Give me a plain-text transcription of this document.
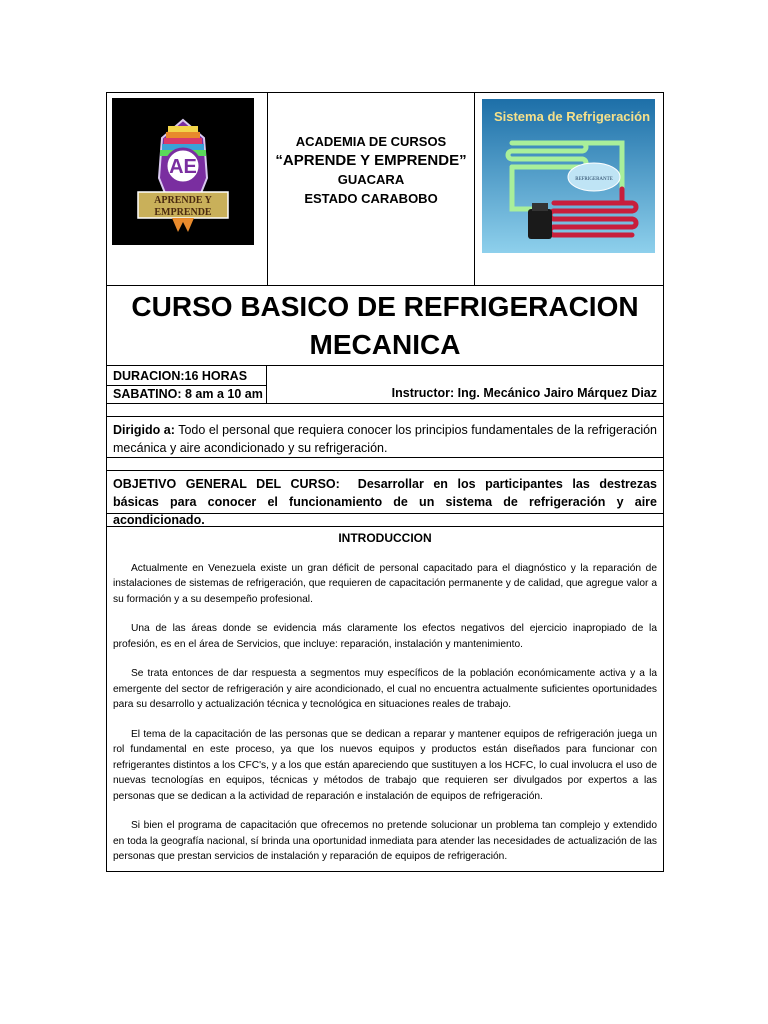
AE
APRENDE Y
EMPRENDE
ACADEMIA DE CURSOS
“APRENDE Y EMPRENDE”
GUACARA
ESTADO CARABOBO
Sistema de Refrigeración
REFRIGERANTE
CURSO BASICO DE REFRIGERACION
MECANICA
DURACION:16 HORAS
SABATINO: 8 am a 10 am	Instructor: Ing. Mecánico Jairo Márquez Diaz
Dirigido a: Todo el personal que requiera conocer los principios fundamentales de la refrigeración mecánica y aire acondicionado y su refrigeración.
OBJETIVO GENERAL DEL CURSO: Desarrollar en los participantes las destrezas básicas para conocer el funcionamiento de un sistema de refrigeración y aire acondicionado.
INTRODUCCION

Actualmente en Venezuela existe un gran déficit de personal capacitado para el diagnóstico y la reparación de instalaciones de sistemas de refrigeración, que requieren de capacitación permanente y de calidad, que agregue valor a su formación y a su desempeño profesional.

Una de las áreas donde se evidencia más claramente los efectos negativos del ejercicio inapropiado de la profesión, es en el área de Servicios, que incluye: reparación, instalación y mantenimiento.

Se trata entonces de dar respuesta a segmentos muy específicos de la población económicamente activa y a la emergente del sector de refrigeración y aire acondicionado, el cual no encuentra actualmente suficientes oportunidades para su desarrollo y actualización técnica y tecnológica en situaciones reales de trabajo.

El tema de la capacitación de las personas que se dedican a reparar y mantener equipos de refrigeración juega un rol fundamental en este proceso, ya que los nuevos equipos y productos están diseñados para funcionar con refrigerantes distintos a los CFC's, y a los que están apareciendo que sustituyen a los HCFC, lo cual involucra el uso de nuevas tecnologías en equipos, técnicas y métodos de trabajo que requieren ser divulgados por expertos a las personas que se dedican a la actividad de reparación e instalación de equipos de refrigeración.

Si bien el programa de capacitación que ofrecemos no pretende solucionar un problema tan complejo y extendido en toda la geografía nacional, sí brinda una oportunidad inmediata para atender las necesidades de actualización de las personas que prestan servicios de instalación y reparación de equipos de refrigeración.
